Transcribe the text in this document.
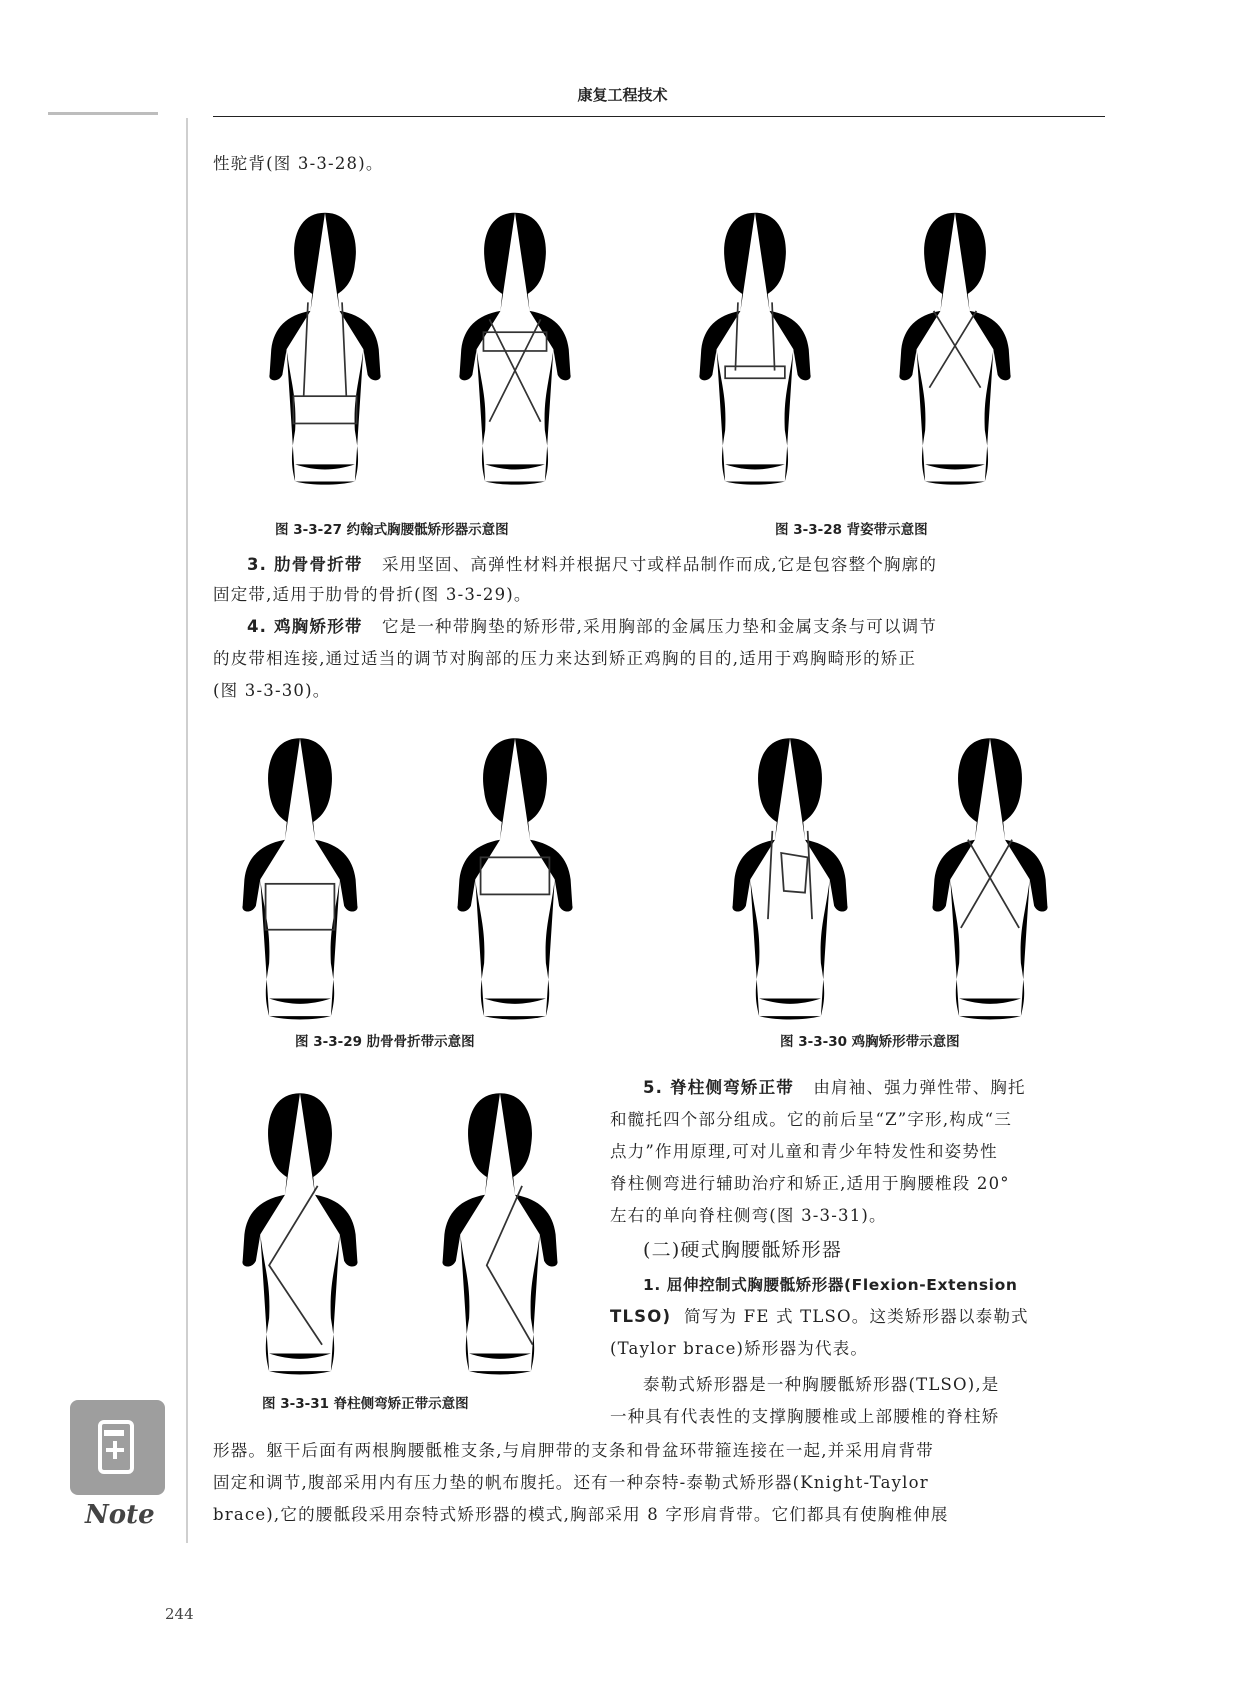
康复工程技术
性驼背(图 3-3-28)。
图 3-3-27 约翰式胸腰骶矫形器示意图	图 3-3-28 背姿带示意图
3. 肋骨骨折带 采用坚固、高弹性材料并根据尺寸或样品制作而成,它是包容整个胸廓的
固定带,适用于肋骨的骨折(图 3-3-29)。
4. 鸡胸矫形带 它是一种带胸垫的矫形带,采用胸部的金属压力垫和金属支条与可以调节
的皮带相连接,通过适当的调节对胸部的压力来达到矫正鸡胸的目的,适用于鸡胸畸形的矫正
(图 3-3-30)。
图 3-3-29 肋骨骨折带示意图	图 3-3-30 鸡胸矫形带示意图
图 3-3-31 脊柱侧弯矫正带示意图
5. 脊柱侧弯矫正带 由肩袖、强力弹性带、胸托
和髋托四个部分组成。它的前后呈“Z”字形,构成“三
点力”作用原理,可对儿童和青少年特发性和姿势性
脊柱侧弯进行辅助治疗和矫正,适用于胸腰椎段 20°
左右的单向脊柱侧弯(图 3-3-31)。
(二)硬式胸腰骶矫形器
1. 屈伸控制式胸腰骶矫形器(Flexion-Extension
TLSO) 简写为 FE 式 TLSO。这类矫形器以泰勒式
(Taylor brace)矫形器为代表。
泰勒式矫形器是一种胸腰骶矫形器(TLSO),是
一种具有代表性的支撑胸腰椎或上部腰椎的脊柱矫
形器。躯干后面有两根胸腰骶椎支条,与肩胛带的支条和骨盆环带箍连接在一起,并采用肩背带
固定和调节,腹部采用内有压力垫的帆布腹托。还有一种奈特-泰勒式矫形器(Knight-Taylor
brace),它的腰骶段采用奈特式矫形器的模式,胸部采用 8 字形肩背带。它们都具有使胸椎伸展
Note
244
